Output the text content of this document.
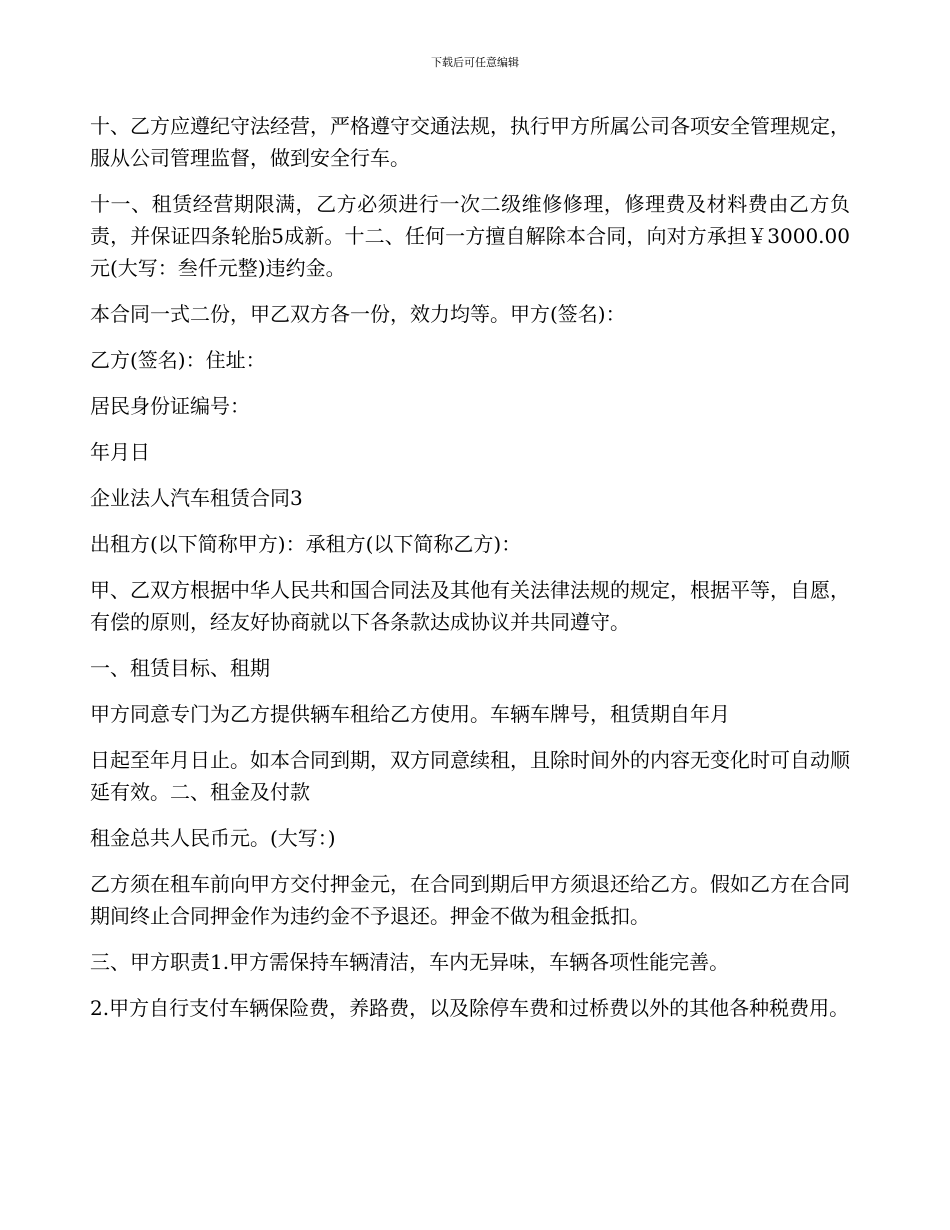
下载后可任意编辑

十、乙方应遵纪守法经营，严格遵守交通法规，执行甲方所属公司各项安全管理规定，服从公司管理监督，做到安全行车。

十一、租赁经营期限满，乙方必须进行一次二级维修修理，修理费及材料费由乙方负责，并保证四条轮胎5成新。十二、任何一方擅自解除本合同，向对方承担￥3000.00元(大写：叁仟元整)违约金。

本合同一式二份，甲乙双方各一份，效力均等。甲方(签名)：

乙方(签名)：住址：

居民身份证编号：

年月日

企业法人汽车租赁合同3

出租方(以下简称甲方)：承租方(以下简称乙方)：

甲、乙双方根据中华人民共和国合同法及其他有关法律法规的规定，根据平等，自愿，有偿的原则，经友好协商就以下各条款达成协议并共同遵守。

一、租赁目标、租期

甲方同意专门为乙方提供辆车租给乙方使用。车辆车牌号，租赁期自年月

日起至年月日止。如本合同到期，双方同意续租，且除时间外的内容无变化时可自动顺延有效。二、租金及付款

租金总共人民币元。(大写：)

乙方须在租车前向甲方交付押金元，在合同到期后甲方须退还给乙方。假如乙方在合同期间终止合同押金作为违约金不予退还。押金不做为租金抵扣。

三、甲方职责1.甲方需保持车辆清洁，车内无异味，车辆各项性能完善。

2.甲方自行支付车辆保险费，养路费，以及除停车费和过桥费以外的其他各种税费用。
